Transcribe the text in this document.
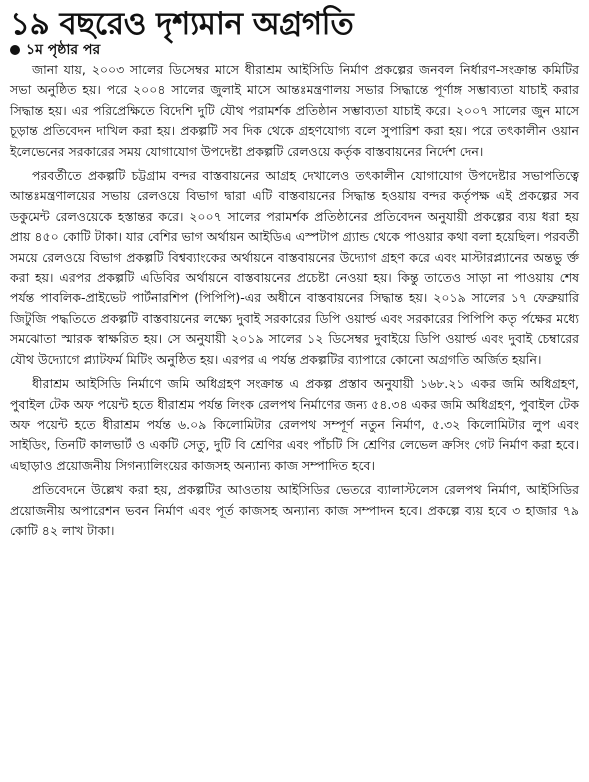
১৯ বছরেও দৃশ্যমান অগ্রগতি
১ম পৃষ্ঠার পর

জানা যায়, ২০০৩ সালের ডিসেম্বর মাসে ধীরাশ্রম আইসিডি নির্মাণ প্রকল্পের জনবল নির্ধারণ-সংক্রান্ত কমিটির সভা অনুষ্ঠিত হয়। পরে ২০০৪ সালের জুলাই মাসে আন্তঃমন্ত্রণালয় সভার সিদ্ধান্তে পূর্ণাঙ্গ সম্ভাব্যতা যাচাই করার সিদ্ধান্ত হয়। এর পরিপ্রেক্ষিতে বিদেশি দুটি যৌথ পরামর্শক প্রতিষ্ঠান সম্ভাব্যতা যাচাই করে। ২০০৭ সালের জুন মাসে চূড়ান্ত প্রতিবেদন দাখিল করা হয়। প্রকল্পটি সব দিক থেকে গ্রহণযোগ্য বলে সুপারিশ করা হয়। পরে তৎকালীন ওয়ান ইলেভেনের সরকারের সময় যোগাযোগ উপদেষ্টা প্রকল্পটি রেলওয়ে কর্তৃক বাস্তবায়নের নির্দেশ দেন।

পরবর্তীতে প্রকল্পটি চট্টগ্রাম বন্দর বাস্তবায়নের আগ্রহ দেখালেও তৎকালীন যোগাযোগ উপদেষ্টার সভাপতিত্বে আন্তঃমন্ত্রণালয়ের সভায় রেলওয়ে বিভাগ দ্বারা এটি বাস্তবায়নের সিদ্ধান্ত হওয়ায় বন্দর কর্তৃপক্ষ এই প্রকল্পের সব ডকুমেন্ট রেলওয়েকে হস্তান্তর করে। ২০০৭ সালের পরামর্শক প্রতিষ্ঠানের প্রতিবেদন অনুযায়ী প্রকল্পের ব্যয় ধরা হয় প্রায় ৪৫০ কোটি টাকা। যার বেশির ভাগ অর্থায়ন আইডিএ এস্পটাপ গ্র্যান্ড থেকে পাওয়ার কথা বলা হয়েছিল। পরবর্তী সময়ে রেলওয়ে বিভাগ প্রকল্পটি বিশ্বব্যাংকের অর্থায়নে বাস্তবায়নের উদ্যোগ গ্রহণ করে এবং মাস্টারপ্ল্যানের অন্তভু র্ক্ত করা হয়। এরপর প্রকল্পটি এডিবির অর্থায়নে বাস্তবায়নের প্রচেষ্টা নেওয়া হয়। কিন্তু তাতেও সাড়া না পাওয়ায় শেষ পর্যন্ত পাবলিক-প্রাইভেট পার্টনারশিপ (পিপিপি)-এর অধীনে বাস্তবায়নের সিদ্ধান্ত হয়। ২০১৯ সালের ১৭ ফেব্রুয়ারি জিটুজি পদ্ধতিতে প্রকল্পটি বাস্তবায়নের লক্ষ্যে দুবাই সরকারের ডিপি ওয়ার্ল্ড এবং সরকারের পিপিপি কতৃ র্পক্ষের মধ্যে সমঝোতা স্মারক স্বাক্ষরিত হয়। সে অনুযায়ী ২০১৯ সালের ১২ ডিসেম্বর দুবাইয়ে ডিপি ওয়ার্ল্ড এবং দুবাই চেম্বারের যৌথ উদ্যোগে প্ল্যাটফর্ম মিটিং অনুষ্ঠিত হয়। এরপর এ পর্যন্ত প্রকল্পটির ব্যাপারে কোনো অগ্রগতি অর্জিত হয়নি।

ধীরাশ্রম আইসিডি নির্মাণে জমি অধিগ্রহণ সংক্রান্ত এ প্রকল্প প্রস্তাব অনুযায়ী ১৬৮.২১ একর জমি অধিগ্রহণ, পুবাইল টেক অফ পয়েন্ট হতে ধীরাশ্রম পর্যন্ত লিংক রেলপথ নির্মাণের জন্য ৫৪.৩৪ একর জমি অধিগ্রহণ, পুবাইল টেক অফ পয়েন্ট হতে ধীরাশ্রম পর্যন্ত ৬.০৯ কিলোমিটার রেলপথ সম্পূর্ণ নতুন নির্মাণ, ৫.৩২ কিলোমিটার লুপ এবং সাইডিং, তিনটি কালভার্ট ও একটি সেতু, দুটি বি শ্রেণির এবং পাঁচটি সি শ্রেণির লেভেল ক্রসিং গেট নির্মাণ করা হবে। এছাড়াও প্রয়োজনীয় সিগন্যালিংয়ের কাজসহ অন্যান্য কাজ সম্পাদিত হবে।

প্রতিবেদনে উল্লেখ করা হয়, প্রকল্পটির আওতায় আইসিডির ভেতরে ব্যালাস্টলেস রেলপথ নির্মাণ, আইসিডির প্রয়োজনীয় অপারেশন ভবন নির্মাণ এবং পূর্ত কাজসহ অন্যান্য কাজ সম্পাদন হবে। প্রকল্পে ব্যয় হবে ৩ হাজার ৭৯ কোটি ৪২ লাখ টাকা।
